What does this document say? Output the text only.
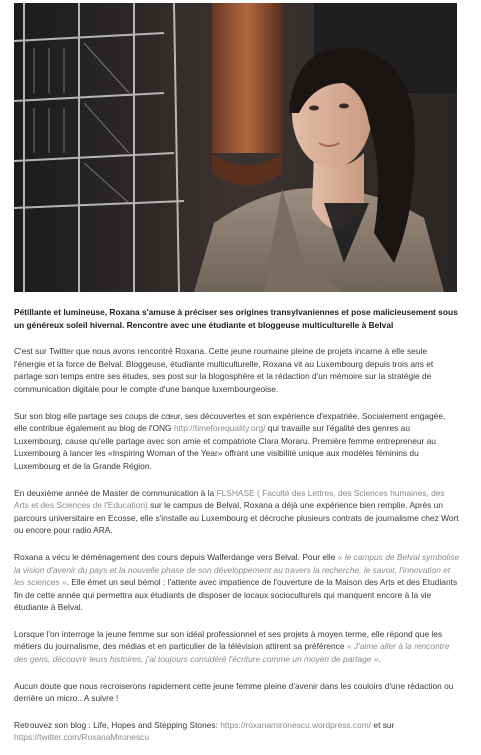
Pétillante et lumineuse, Roxana s'amuse à préciser ses origines transylvaniennes et pose malicieusement sous un généreux soleil hivernal. Rencontre avec une étudiante et bloggeuse multiculturelle à Belval

C'est sur Twitter que nous avons rencontré Roxana. Cette jeune roumaine pleine de projets incarne à elle seule l'énergie et la force de Belval. Bloggeuse, étudiante multiculturelle, Roxana vit au Luxembourg depuis trois ans et partage son temps entre ses études, ses post sur la blogosphère et la rédaction d'un mémoire sur la stratégie de communication digitale pour le compte d'une banque luxembourgeoise.

Sur son blog elle partage ses coups de cœur, ses découvertes et son expérience d'expatriée. Socialement engagée, elle contribue également au blog de l'ONG http://timeforequality.org/ qui travaille sur l'égalité des genres au Luxembourg, cause qu'elle partage avec son amie et compatriote Clara Moraru. Première femme entrepreneur au Luxembourg à lancer les «Inspiring Woman of the Year» offrant une visibilité unique aux modèles féminins du Luxembourg et de la Grande Région.

En deuxième année de Master de communication à la FLSHASE ( Faculté des Lettres, des Sciences humaines, des Arts et des Sciences de l'Education) sur le campus de Belval, Roxana a déjà une expérience bien remplie. Après un parcours universitaire en Ecosse, elle s'installe au Luxembourg et décroche plusieurs contrats de journalisme chez Wort ou encore pour radio ARA.

Roxana a vécu le déménagement des cours depuis Walferdange vers Belval. Pour elle « le campus de Belval symbolise la vision d'avenir du pays et la nouvelle phase de son développement au travers la recherche, le savoir, l'innovation et les sciences ». Elle émet un seul bémol : l'attente avec impatience de l'ouverture de la Maison des Arts et des Etudiants fin de cette année qui permettra aux étudiants de disposer de locaux socioculturels qui manquent encore à la vie étudiante à Belval.

Lorsque l'on interroge la jeune femme sur son idéal professionnel et ses projets à moyen terme, elle répond que les métiers du journalisme, des médias et en particulier de la télévision attirent sa préférence « J'aime aller à la rencontre des gens, découvrir leurs histoires, j'ai toujours considéré l'écriture comme un moyen de partage ».

Aucun doute que nous recroiserons rapidement cette jeune femme pleine d'avenir dans les couloirs d'une rédaction ou derrière un micro.. A suivre !

Retrouvez son blog : Life, Hopes and Stepping Stones: https://roxanamironescu.wordpress.com/ et sur https://twitter.com/RoxanaMironescu
